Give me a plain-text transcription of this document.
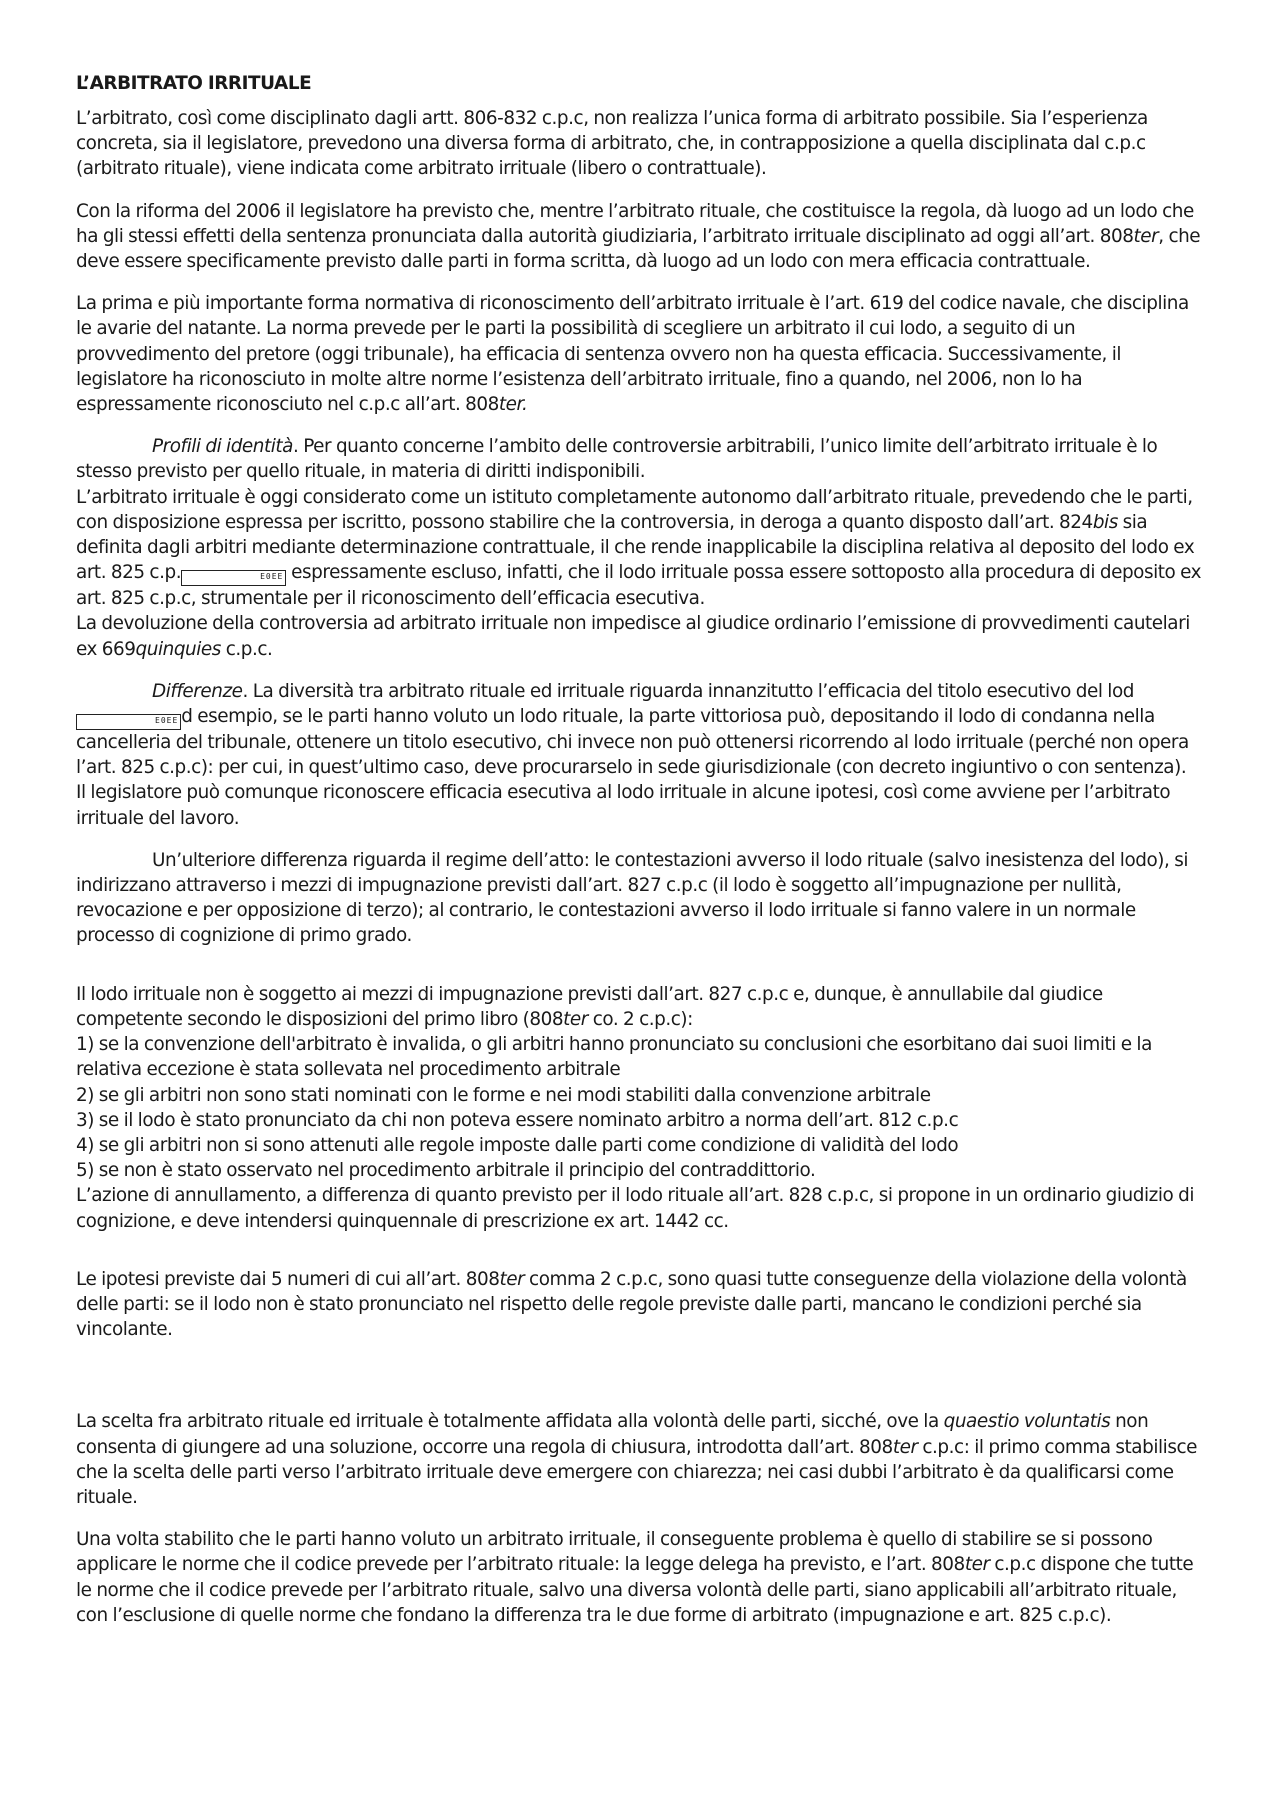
L’ARBITRATO IRRITUALE

L’arbitrato, così come disciplinato dagli artt. 806-832 c.p.c, non realizza l’unica forma di arbitrato possibile. Sia l’esperienza concreta, sia il legislatore, prevedono una diversa forma di arbitrato, che, in contrapposizione a quella disciplinata dal c.p.c (arbitrato rituale), viene indicata come arbitrato irrituale (libero o contrattuale).

Con la riforma del 2006 il legislatore ha previsto che, mentre l’arbitrato rituale, che costituisce la regola, dà luogo ad un lodo che ha gli stessi effetti della sentenza pronunciata dalla autorità giudiziaria, l’arbitrato irrituale disciplinato ad oggi all’art. 808ter, che deve essere specificamente previsto dalle parti in forma scritta, dà luogo ad un lodo con mera efficacia contrattuale.

La prima e più importante forma normativa di riconoscimento dell’arbitrato irrituale è l’art. 619 del codice navale, che disciplina le avarie del natante. La norma prevede per le parti la possibilità di scegliere un arbitrato il cui lodo, a seguito di un provvedimento del pretore (oggi tribunale), ha efficacia di sentenza ovvero non ha questa efficacia. Successivamente, il legislatore ha riconosciuto in molte altre norme l’esistenza dell’arbitrato irrituale, fino a quando, nel 2006, non lo ha espressamente riconosciuto nel c.p.c all’art. 808ter.

Profili di identità. Per quanto concerne l’ambito delle controversie arbitrabili, l’unico limite dell’arbitrato irrituale è lo stesso previsto per quello rituale, in materia di diritti indisponibili.
L’arbitrato irrituale è oggi considerato come un istituto completamente autonomo dall’arbitrato rituale, prevedendo che le parti, con disposizione espressa per iscritto, possono stabilire che la controversia, in deroga a quanto disposto dall’art. 824bis sia definita dagli arbitri mediante determinazione contrattuale, il che rende inapplicabile la disciplina relativa al deposito del lodo ex art. 825 c.p.	E0EE espressamente escluso, infatti, che il lodo irrituale possa essere sottoposto alla procedura di deposito ex art. 825 c.p.c, strumentale per il riconoscimento dell’efficacia esecutiva.
La devoluzione della controversia ad arbitrato irrituale non impedisce al giudice ordinario l’emissione di provvedimenti cautelari ex 669quinquies c.p.c.

Differenze. La diversità tra arbitrato rituale ed irrituale riguarda innanzitutto l’efficacia del titolo esecutivo del lodE0EE d esempio, se le parti hanno voluto un lodo rituale, la parte vittoriosa può, depositando il lodo di condanna nella cancelleria del tribunale, ottenere un titolo esecutivo, chi invece non può ottenersi ricorrendo al lodo irrituale (perché non opera l’art. 825 c.p.c): per cui, in quest’ultimo caso, deve procurarselo in sede giurisdizionale (con decreto ingiuntivo o con sentenza).
Il legislatore può comunque riconoscere efficacia esecutiva al lodo irrituale in alcune ipotesi, così come avviene per l’arbitrato irrituale del lavoro.

Un’ulteriore differenza riguarda il regime dell’atto: le contestazioni avverso il lodo rituale (salvo inesistenza del lodo), si indirizzano attraverso i mezzi di impugnazione previsti dall’art. 827 c.p.c (il lodo è soggetto all’impugnazione per nullità, revocazione e per opposizione di terzo); al contrario, le contestazioni avverso il lodo irrituale si fanno valere in un normale processo di cognizione di primo grado.

Il lodo irrituale non è soggetto ai mezzi di impugnazione previsti dall’art. 827 c.p.c e, dunque, è annullabile dal giudice competente secondo le disposizioni del primo libro (808ter co. 2 c.p.c):

1) se la convenzione dell'arbitrato è invalida, o gli arbitri hanno pronunciato su conclusioni che esorbitano dai suoi limiti e la relativa eccezione è stata sollevata nel procedimento arbitrale
2) se gli arbitri non sono stati nominati con le forme e nei modi stabiliti dalla convenzione arbitrale
3) se il lodo è stato pronunciato da chi non poteva essere nominato arbitro a norma dell’art. 812 c.p.c
4) se gli arbitri non si sono attenuti alle regole imposte dalle parti come condizione di validità del lodo
5) se non è stato osservato nel procedimento arbitrale il principio del contraddittorio.
L’azione di annullamento, a differenza di quanto previsto per il lodo rituale all’art. 828 c.p.c, si propone in un ordinario giudizio di cognizione, e deve intendersi quinquennale di prescrizione ex art. 1442 cc.

Le ipotesi previste dai 5 numeri di cui all’art. 808ter comma 2 c.p.c, sono quasi tutte conseguenze della violazione della volontà delle parti: se il lodo non è stato pronunciato nel rispetto delle regole previste dalle parti, mancano le condizioni perché sia vincolante.

La scelta fra arbitrato rituale ed irrituale è totalmente affidata alla volontà delle parti, sicché, ove la quaestio voluntatis non consenta di giungere ad una soluzione, occorre una regola di chiusura, introdotta dall’art. 808ter c.p.c: il primo comma stabilisce che la scelta delle parti verso l’arbitrato irrituale deve emergere con chiarezza; nei casi dubbi l’arbitrato è da qualificarsi come rituale.

Una volta stabilito che le parti hanno voluto un arbitrato irrituale, il conseguente problema è quello di stabilire se si possono applicare le norme che il codice prevede per l’arbitrato rituale: la legge delega ha previsto, e l’art. 808ter c.p.c dispone che tutte le norme che il codice prevede per l’arbitrato rituale, salvo una diversa volontà delle parti, siano applicabili all’arbitrato rituale, con l’esclusione di quelle norme che fondano la differenza tra le due forme di arbitrato (impugnazione e art. 825 c.p.c).
